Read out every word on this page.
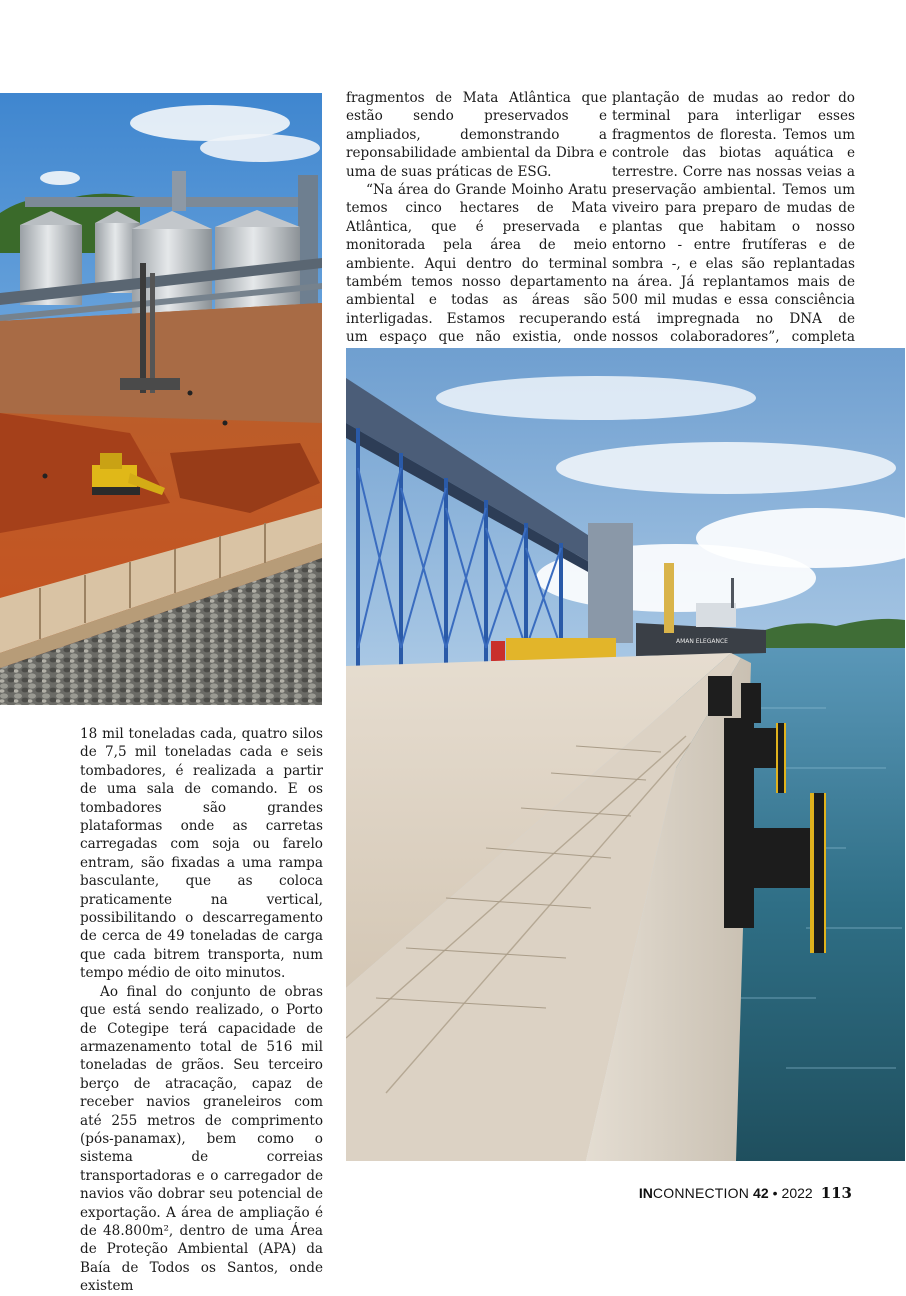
fragmentos de Mata Atlântica que estão sendo preservados e ampliados, demonstrando a reponsabilidade ambiental da Dibra e uma de suas práticas de ESG.

“Na área do Grande Moinho Aratu temos cinco hectares de Mata Atlântica, que é preservada e monitorada pela área de meio ambiente. Aqui dentro do terminal também temos nosso departamento ambiental e todas as áreas são interligadas. Estamos recuperando um espaço que não existia, onde

plantação de mudas ao redor do terminal para interligar esses fragmentos de floresta. Temos um controle das biotas aquática e terrestre. Corre nas nossas veias a preservação ambiental. Temos um viveiro para preparo de mudas de plantas que habitam o nosso entorno - entre frutíferas e de sombra -, e elas são replantadas na área. Já replantamos mais de 500 mil mudas e essa consciência está impregnada no DNA de nossos colaboradores”, completa

AMAN ELEGANCE

18 mil toneladas cada, quatro silos de 7,5 mil toneladas cada e seis tombadores, é realizada a partir de uma sala de comando. E os tombadores são grandes plataformas onde as carretas carregadas com soja ou farelo entram, são fixadas a uma rampa basculante, que as coloca praticamente na vertical, possibilitando o descarregamento de cerca de 49 toneladas de carga que cada bitrem transporta, num tempo médio de oito minutos.

Ao final do conjunto de obras que está sendo realizado, o Porto de Cotegipe terá capacidade de armazenamento total de 516 mil toneladas de grãos. Seu terceiro berço de atracação, capaz de receber navios graneleiros com até 255 metros de comprimento (pós-panamax), bem como o sistema de correias transportadoras e o carregador de navios vão dobrar seu potencial de exportação. A área de ampliação é de 48.800m², dentro de uma Área de Proteção Ambiental (APA) da Baía de Todos os Santos, onde existem

INCONNECTION 42 • 2022 113
